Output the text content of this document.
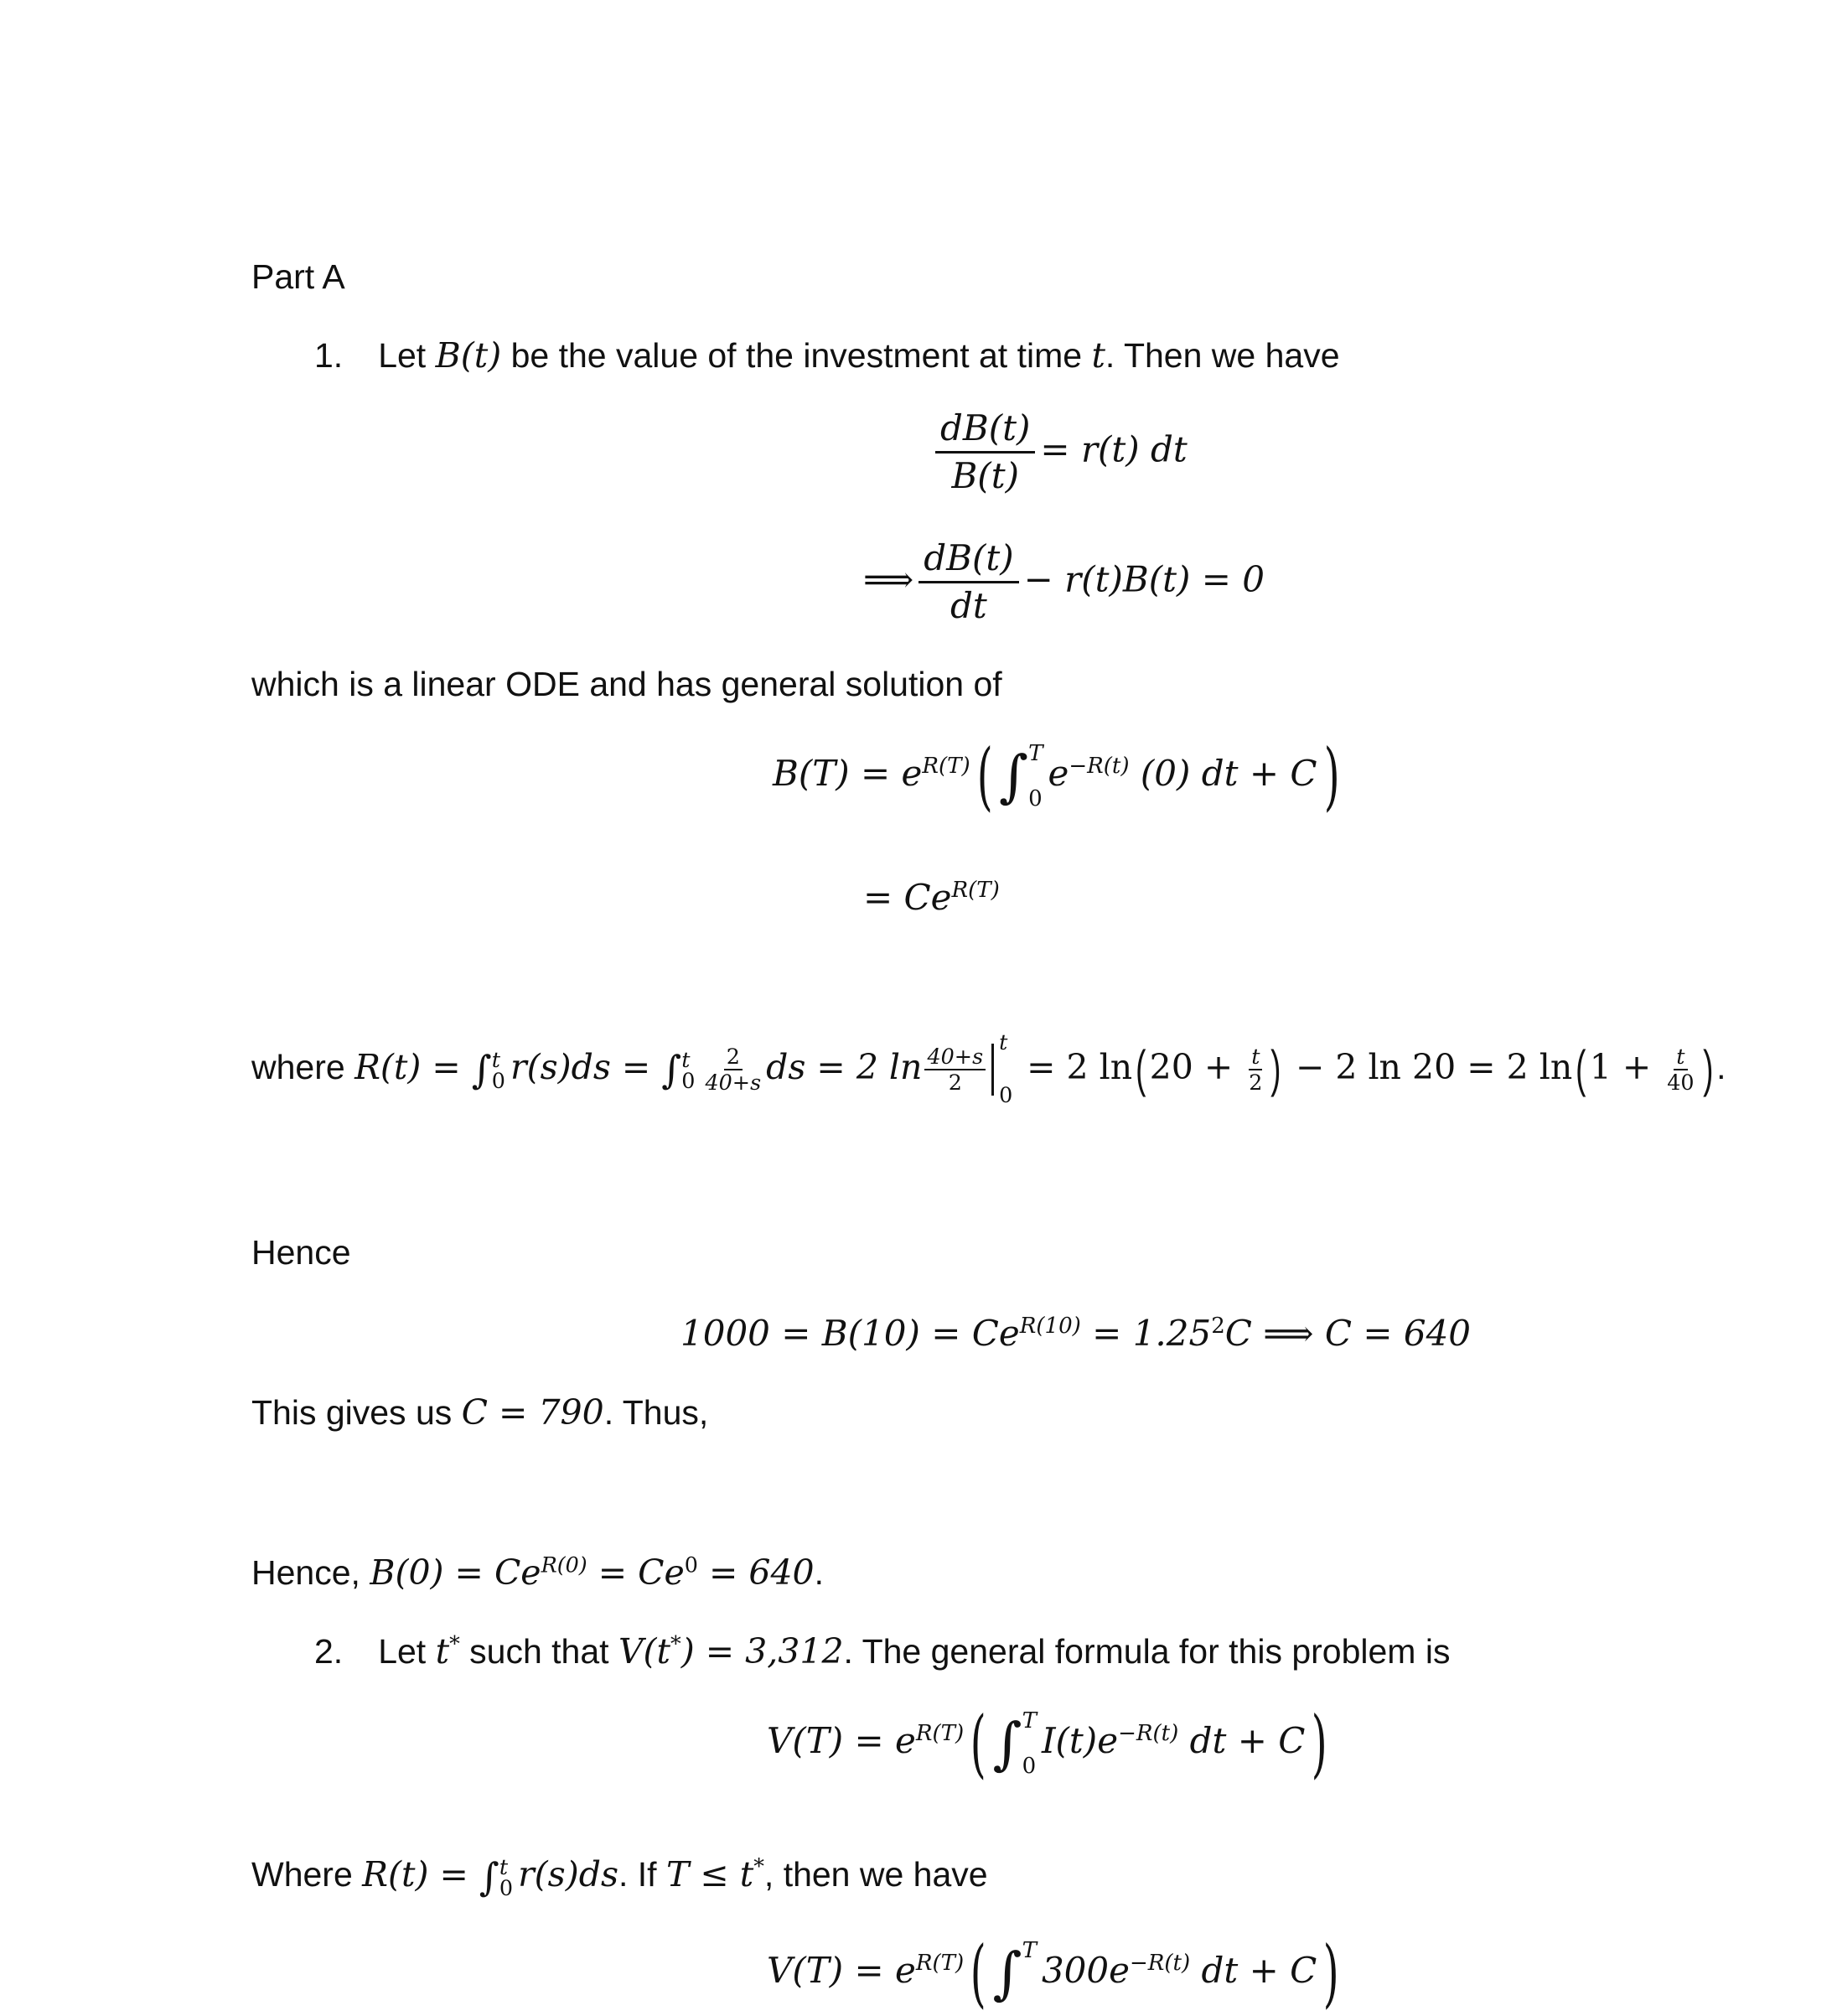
Part A
1. Let B(t) be the value of the investment at time t. Then we have
$\frac{dB(t)}{B(t)} = r(t)$ dt
⟹ $\frac{dB(t)}{dt} - r(t)B(t) = 0$
which is a linear ODE and has general solution of
$B(T) = e^{R(T)}$( ∫ T
0
$e^{-R(t)}$ (0) dt + C)
= $Ce^{R(T)}$
where R(t) = ∫ t
0 r(s)ds = ∫ t
$0 \frac{2}{40+s}$ ds = 2 $\ln \frac{40+s}{2}$
t
0
= 2 $\ln(20 + \frac{t}{2}$ ) − 2 ln 20 = 2 $\ln(1 + \frac{t}{40}$ ).
Hence
$1000 = B(10) = Ce^{R(10)} = 1.25^2C$ ⟹ C = 640
This gives us C = 790. Thus,
Hence, $B(0) = Ce^{R(0)} = Ce^0 = 640$.
2. Let t* such that V(t*) = 3,312. The general formula for this problem is
$V(T) = e^{R(T)}$( ∫ T
0
$I(t)e^{-R(t)}$ dt + C)
Where R(t) = ∫ t
0 r(s)ds. If T ≤ t*, then we have
$V(T) = e^{R(T)}$( ∫ T $300e^{-R(t)}$ dt + C)
